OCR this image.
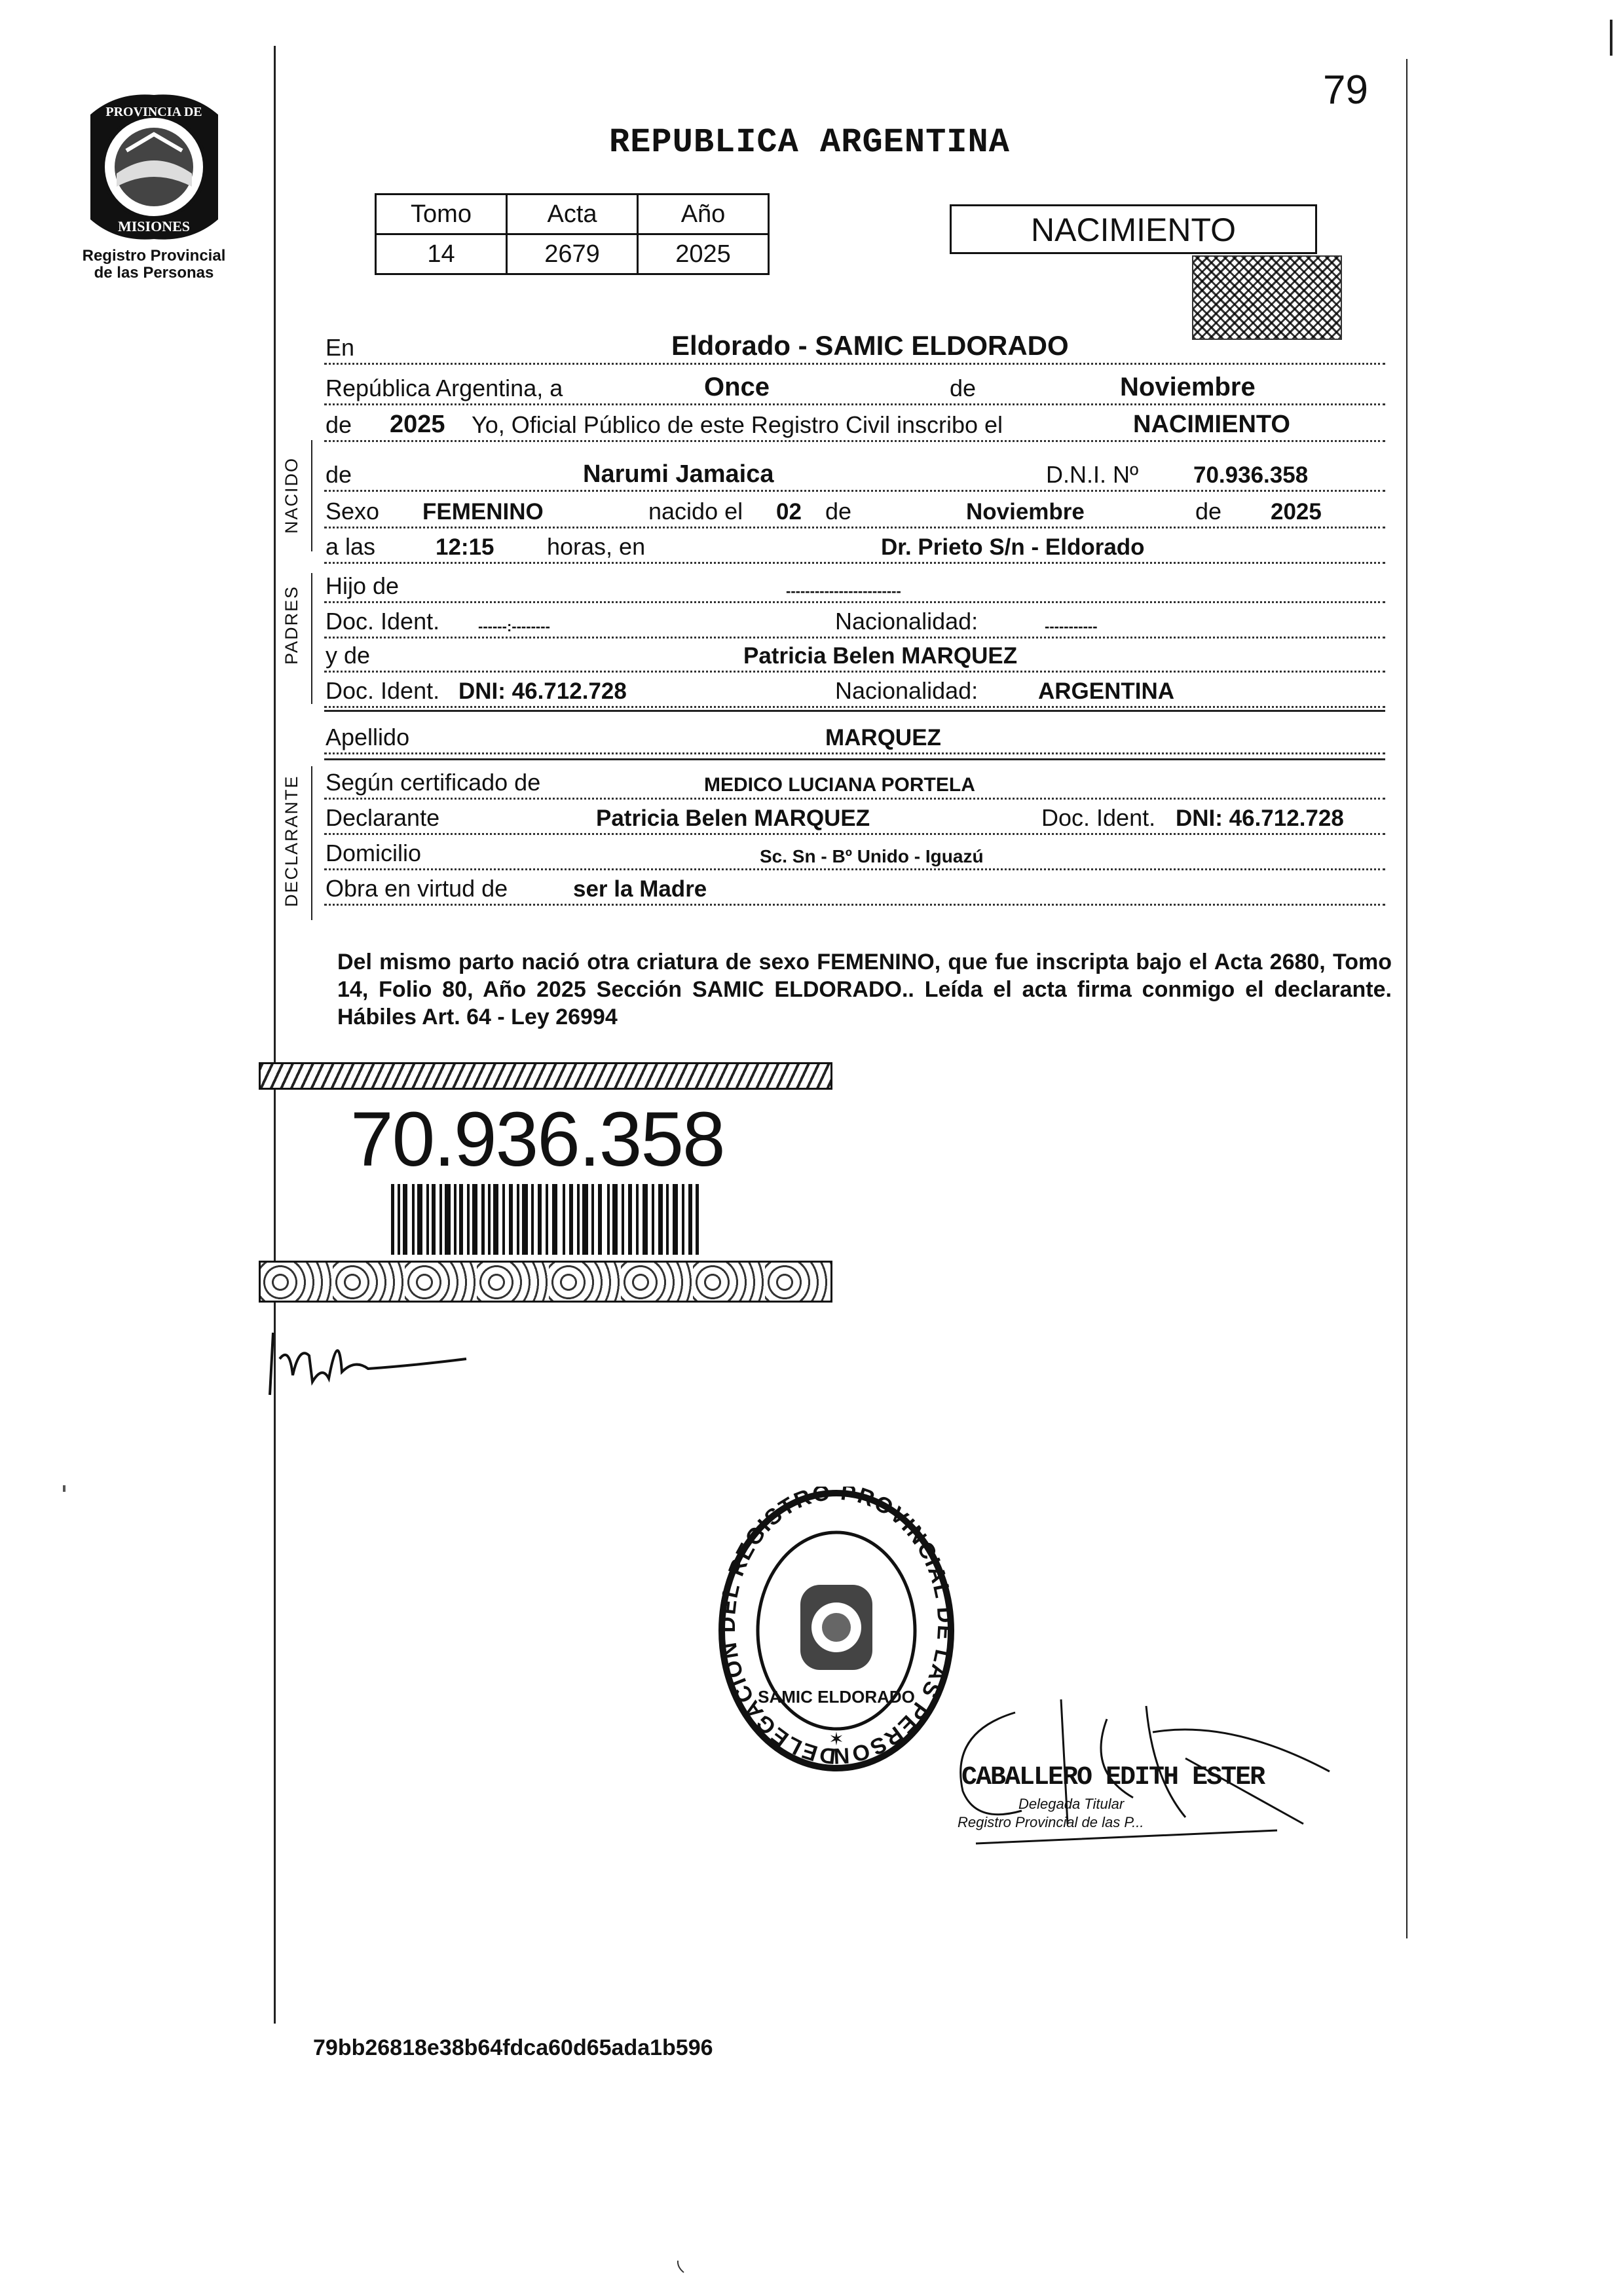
PROVINCIA DE
MISIONES
Registro Provincial
de las Personas
79
REPUBLICA ARGENTINA
Tomo	Acta	Año
14	2679	2025
NACIMIENTO
En	Eldorado - SAMIC ELDORADO
República Argentina, a	Once	de	Noviembre
de 2025 Yo, Oficial Público de este Registro Civil inscribo el	NACIMIENTO
NACIDO de	Narumi Jamaica	D.N.I. Nº 70.936.358
Sexo FEMENINO	nacido el 02 de	Noviembre	de 2025
a las	12:15 horas, en	Dr. Prieto S/n - Eldorado
PADRES Hijo de	------------------------
Doc. Ident.	------:--------	Nacionalidad:	-----------
y de	Patricia Belen MARQUEZ
Doc. Ident. DNI: 46.712.728	Nacionalidad:	ARGENTINA
Apellido	MARQUEZ
DECLARANTE Según certificado de	MEDICO LUCIANA PORTELA
Declarante	Patricia Belen MARQUEZ	Doc. Ident. DNI: 46.712.728
Domicilio	Sc. Sn - Bº Unido - Iguazú
Obra en virtud de	ser la Madre
Del mismo parto nació otra criatura de sexo FEMENINO, que fue inscripta bajo el Acta 2680, Tomo 14, Folio 80, Año 2025 Sección SAMIC ELDORADO.. Leída el acta firma conmigo el declarante. Hábiles Art. 64 - Ley 26994
70.936.358
DELEGACION DEL REGISTRO PROVINCIAL DE LAS PERSON
SAMIC ELDORADO
✶
CABALLERO EDITH ESTER
Delegada Titular
Registro Provincial de las P...
79bb26818e38b64fdca60d65ada1b596
